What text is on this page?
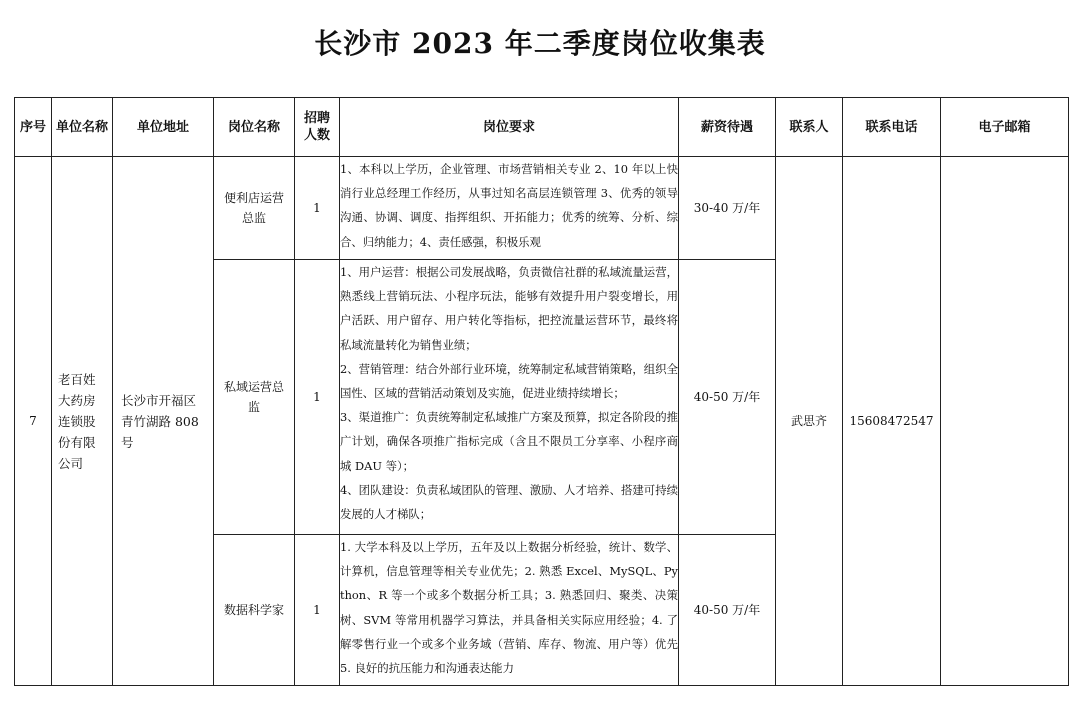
长沙市 2023 年二季度岗位收集表
序号	单位名称	单位地址	岗位名称	招聘人数	岗位要求	薪资待遇	联系人	联系电话	电子邮箱
7	老百姓大药房连锁股份有限公司	长沙市开福区青竹湖路 808 号	便利店运营总监	1	1、本科以上学历，企业管理、市场营销相关专业 2、10 年以上快消行业总经理工作经历，从事过知名高层连锁管理 3、优秀的领导沟通、协调、调度、指挥组织、开拓能力；优秀的统筹、分析、综合、归纳能力；4、责任感强，积极乐观	30-40 万/年	武思齐	15608472547	

			私域运营总监	1	1、用户运营：根据公司发展战略，负责微信社群的私域流量运营，熟悉线上营销玩法、小程序玩法，能够有效提升用户裂变增长，用户活跃、用户留存、用户转化等指标，把控流量运营环节，最终将私域流量转化为销售业绩；
2、营销管理：结合外部行业环境，统筹制定私域营销策略，组织全国性、区域的营销活动策划及实施，促进业绩持续增长；
3、渠道推广：负责统筹制定私域推广方案及预算，拟定各阶段的推广计划，确保各项推广指标完成（含且不限员工分享率、小程序商城 DAU 等）；
4、团队建设：负责私域团队的管理、激励、人才培养、搭建可持续发展的人才梯队；	40-50 万/年			

			数据科学家	1	1. 大学本科及以上学历，五年及以上数据分析经验，统计、数学、计算机，信息管理等相关专业优先；2. 熟悉 Excel、MySQL、Python、R 等一个或多个数据分析工具；3. 熟悉回归、聚类、决策树、SVM 等常用机器学习算法，并具备相关实际应用经验；4. 了解零售行业一个或多个业务域（营销、库存、物流、用户等）优先 5. 良好的抗压能力和沟通表达能力	40-50 万/年			
